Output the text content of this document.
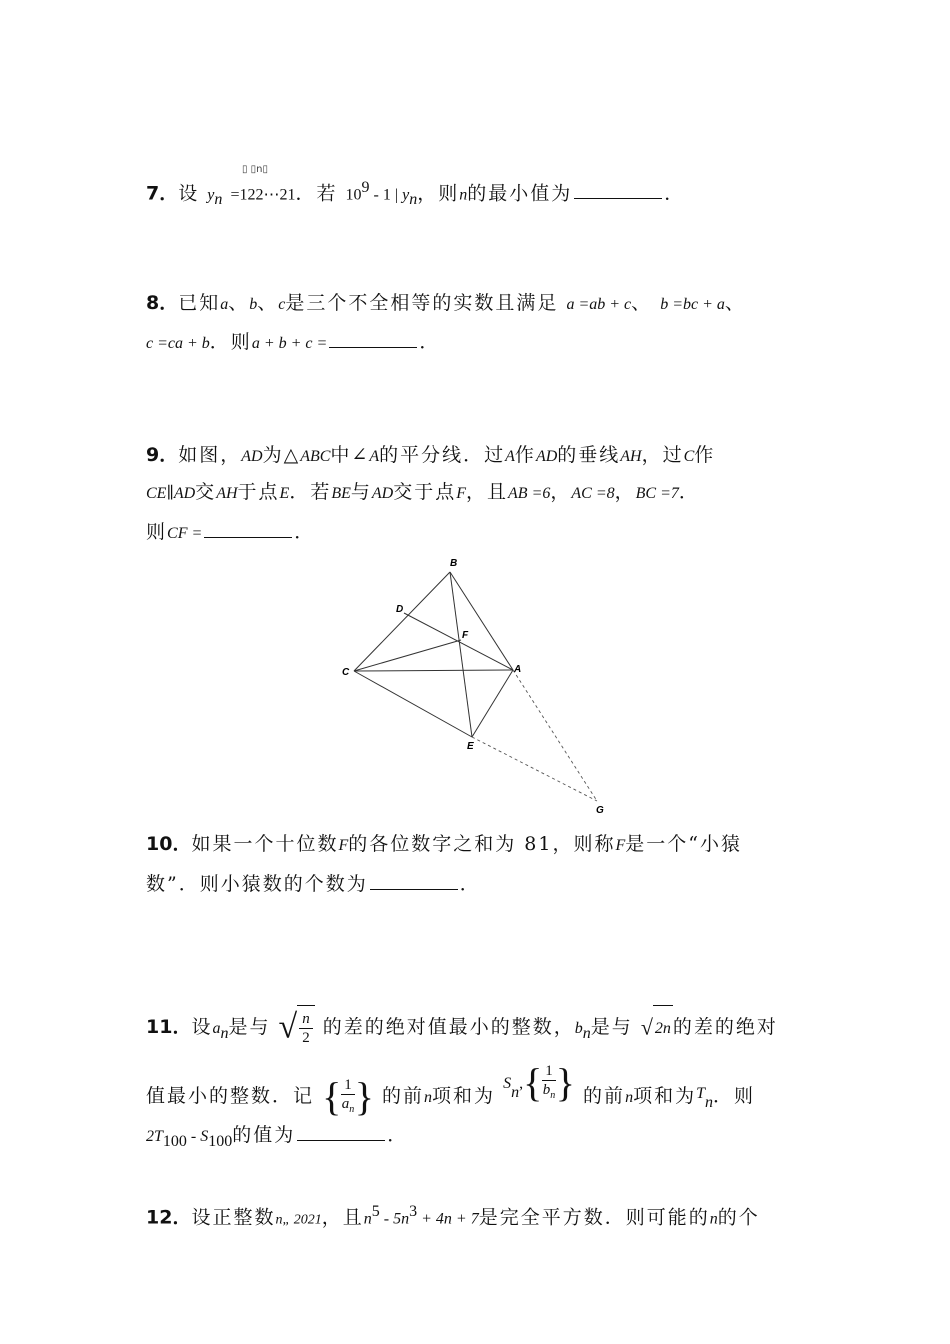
▯ ▯n▯
7．设 $y_n$ =122⋯21．若 $10^9 - 1$ | $y_n$，则n的最小值为	．
8．已知a、b、c是三个不全相等的实数且满足 a =ab + c、 b =bc + a、
c =ca + b．则a + b + c =	．
9．如图，AD为△ABC中∠A的平分线．过A作AD的垂线AH，过C作
CE∥AD交AH于点E．若BE与AD交于点F，且AB =6，AC =8，BC =7．
则CF =	．
B
D
F
C	A
E
G
10．如果一个十位数F的各位数字之和为 81，则称F是一个“小猿
数”．则小猿数的个数为	．
11．设$a_n$是与 √ $\frac{n}{2}$ 的差的绝对值最小的整数，$b_n$是与 √ 2n 的差的绝对
值最小的整数．记 { $\frac{1}{a_n}$ } 的前n项和为 $^S_n^,\{ \frac{1}{b_n}$ } 的前n项和为$^T_n$．则
$2T_{100} - S_{100}$的值为	．
12．设正整数n„ 2021，且$n^5 - 5n^3 + 4n + 7$是完全平方数．则可能的n的个
